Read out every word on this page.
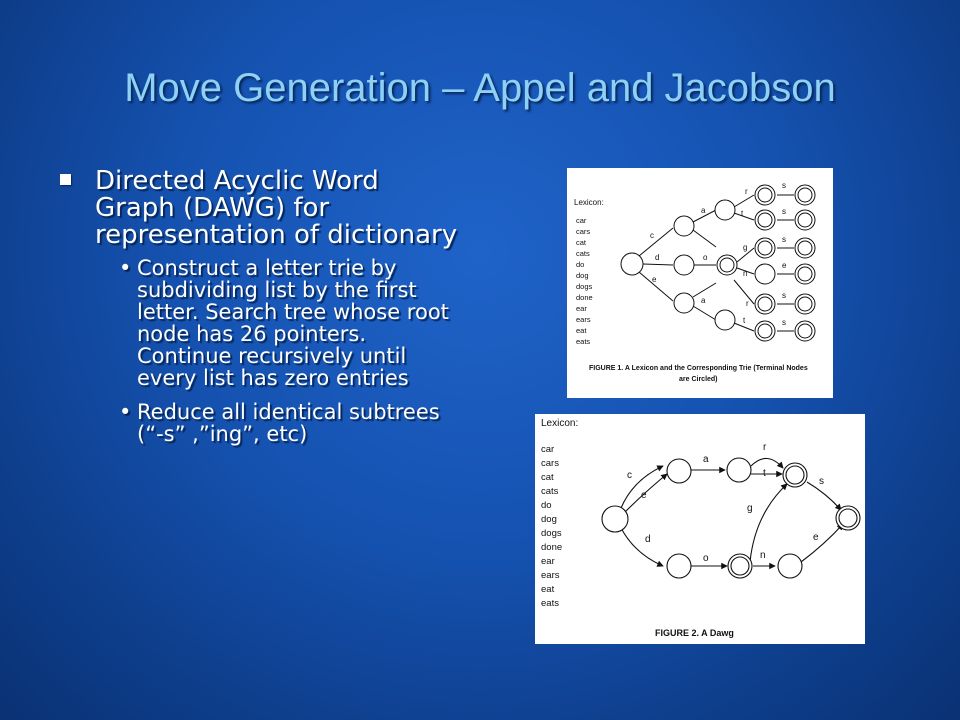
Move Generation – Appel and Jacobson
Directed Acyclic Word Graph (DAWG) for representation of dictionary
• Construct a letter trie by subdividing list by the first letter. Search tree whose root node has 26 pointers. Continue recursively until every list has zero entries
• Reduce all identical subtrees (“-s” ,”ing”, etc)
Lexicon:
car
cars
cat
cats
do
dog
dogs
done
ear
ears
eat
eats
c
d
e
a
o
a
r
t
g
n
r
t
s
s
s
e
s
s
FIGURE 1. A Lexicon and the Corresponding Trie (Terminal Nodes
are Circled)
Lexicon:
car
cars
cat
cats
do
dog
dogs
done
ear
ears
eat
eats
c
e
d
a
r
t
g
o	n
e
s
FIGURE 2. A Dawg
